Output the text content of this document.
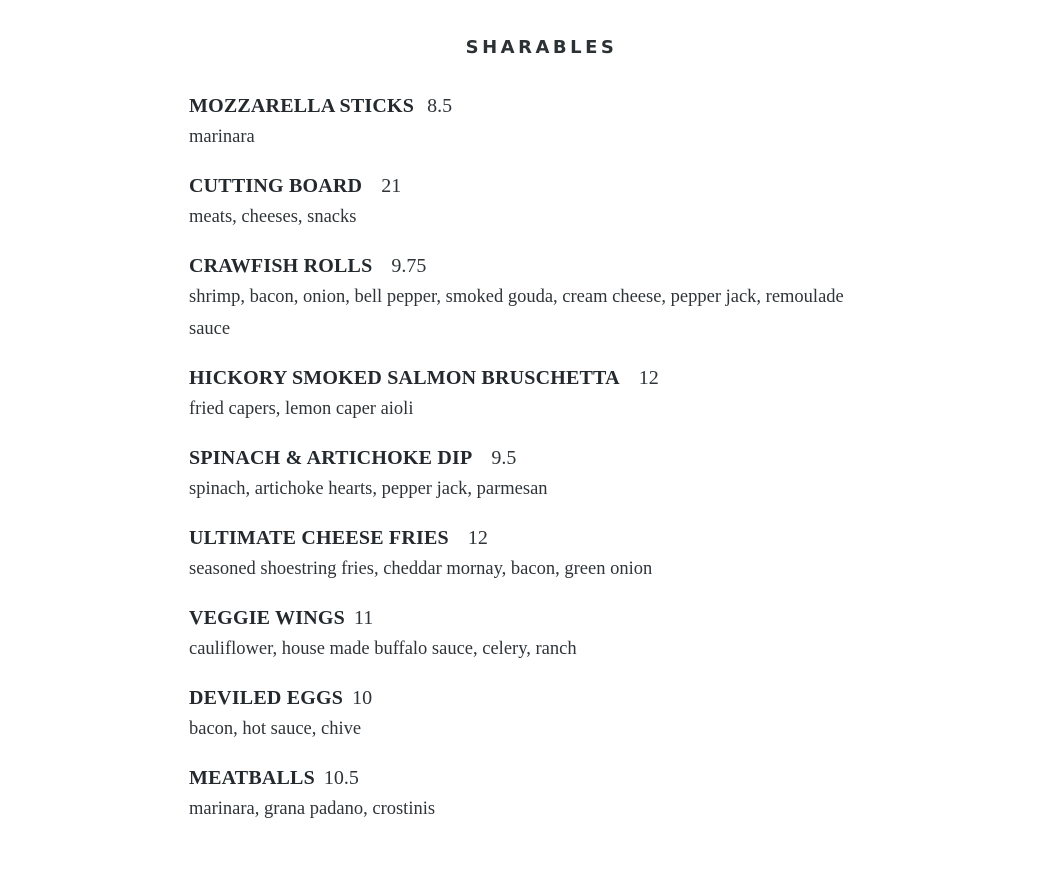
SHARABLES
MOZZARELLA STICKS 8.5
marinara
CUTTING BOARD 21
meats, cheeses, snacks
CRAWFISH ROLLS 9.75
shrimp, bacon, onion, bell pepper, smoked gouda, cream cheese, pepper jack, remoulade sauce
HICKORY SMOKED SALMON BRUSCHETTA 12
fried capers, lemon caper aioli
SPINACH & ARTICHOKE DIP 9.5
spinach, artichoke hearts, pepper jack, parmesan
ULTIMATE CHEESE FRIES 12
seasoned shoestring fries, cheddar mornay, bacon, green onion
VEGGIE WINGS 11
cauliflower, house made buffalo sauce, celery, ranch
DEVILED EGGS 10
bacon, hot sauce, chive
MEATBALLS 10.5
marinara, grana padano, crostinis
